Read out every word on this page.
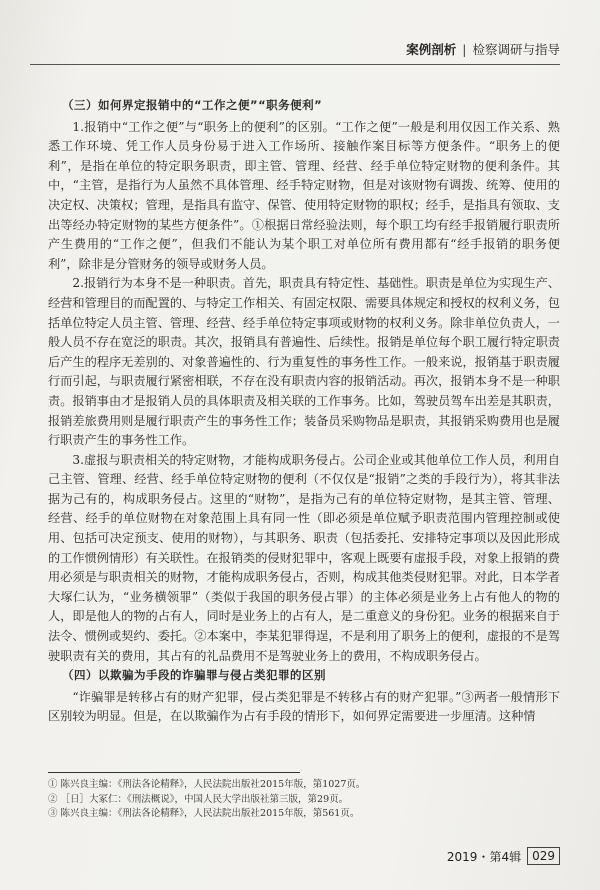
案例剖析 | 检察调研与指导
（三）如何界定报销中的“工作之便”“职务便利”

1.报销中“工作之便”与“职务上的便利”的区别。“工作之便”一般是利用仅因工作关系、熟悉工作环境、凭工作人员身份易于进入工作场所、接触作案目标等方便条件。“职务上的便利”，是指在单位的特定职务职责，即主管、管理、经营、经手单位特定财物的便利条件。其中，“主管，是指行为人虽然不具体管理、经手特定财物，但是对该财物有调拨、统筹、使用的决定权、决策权；管理，是指具有监守、保管、使用特定财物的职权；经手，是指具有领取、支出等经办特定财物的某些方便条件”。①根据日常经验法则，每个职工均有经手报销履行职责所产生费用的“工作之便”，但我们不能认为某个职工对单位所有费用都有“经手报销的职务便利”，除非是分管财务的领导或财务人员。

2.报销行为本身不是一种职责。首先，职责具有特定性、基础性。职责是单位为实现生产、经营和管理目的而配置的、与特定工作相关、有固定权限、需要具体规定和授权的权利义务，包括单位特定人员主管、管理、经营、经手单位特定事项或财物的权利义务。除非单位负责人，一般人员不存在宽泛的职责。其次，报销具有普遍性、后续性。报销是单位每个职工履行特定职责后产生的程序无差别的、对象普遍性的、行为重复性的事务性工作。一般来说，报销基于职责履行而引起，与职责履行紧密相联，不存在没有职责内容的报销活动。再次，报销本身不是一种职责。报销事由才是报销人员的具体职责及相关联的工作事务。比如，驾驶员驾车出差是其职责，报销差旅费用则是履行职责产生的事务性工作；装备员采购物品是职责，其报销采购费用也是履行职责产生的事务性工作。

3.虚报与职责相关的特定财物，才能构成职务侵占。公司企业或其他单位工作人员，利用自己主管、管理、经营、经手单位特定财物的便利（不仅仅是“报销”之类的手段行为），将其非法据为己有的，构成职务侵占。这里的“财物”，是指为己有的单位特定财物，是其主管、管理、经营、经手的单位财物在对象范围上具有同一性（即必须是单位赋予职责范围内管理控制或使用、包括可决定预支、使用的财物），与其职务、职责（包括委托、安排特定事项以及因此形成的工作惯例情形）有关联性。在报销类的侵财犯罪中，客观上既要有虚报手段，对象上报销的费用必须是与职责相关的财物，才能构成职务侵占，否则，构成其他类侵财犯罪。对此，日本学者大塚仁认为，“业务横领罪”（类似于我国的职务侵占罪）的主体必须是业务上占有他人的物的人，即是他人的物的占有人，同时是业务上的占有人，是二重意义的身份犯。业务的根据来自于法令、惯例或契约、委托。②本案中，李某犯罪得逞，不是利用了职务上的便利，虚报的不是驾驶职责有关的费用，其占有的礼品费用不是驾驶业务上的费用，不构成职务侵占。

（四）以欺骗为手段的诈骗罪与侵占类犯罪的区别

“诈骗罪是转移占有的财产犯罪，侵占类犯罪是不转移占有的财产犯罪。”③两者一般情形下区别较为明显。但是，在以欺骗作为占有手段的情形下，如何界定需要进一步厘清。这种情

① 陈兴良主编：《刑法各论精释》，人民法院出版社2015年版，第1027页。
② ［日］大冢仁：《刑法概说》，中国人民大学出版社第三版，第29页。
③ 陈兴良主编：《刑法各论精释》，人民法院出版社2015年版，第561页。
2019・第4辑 029
